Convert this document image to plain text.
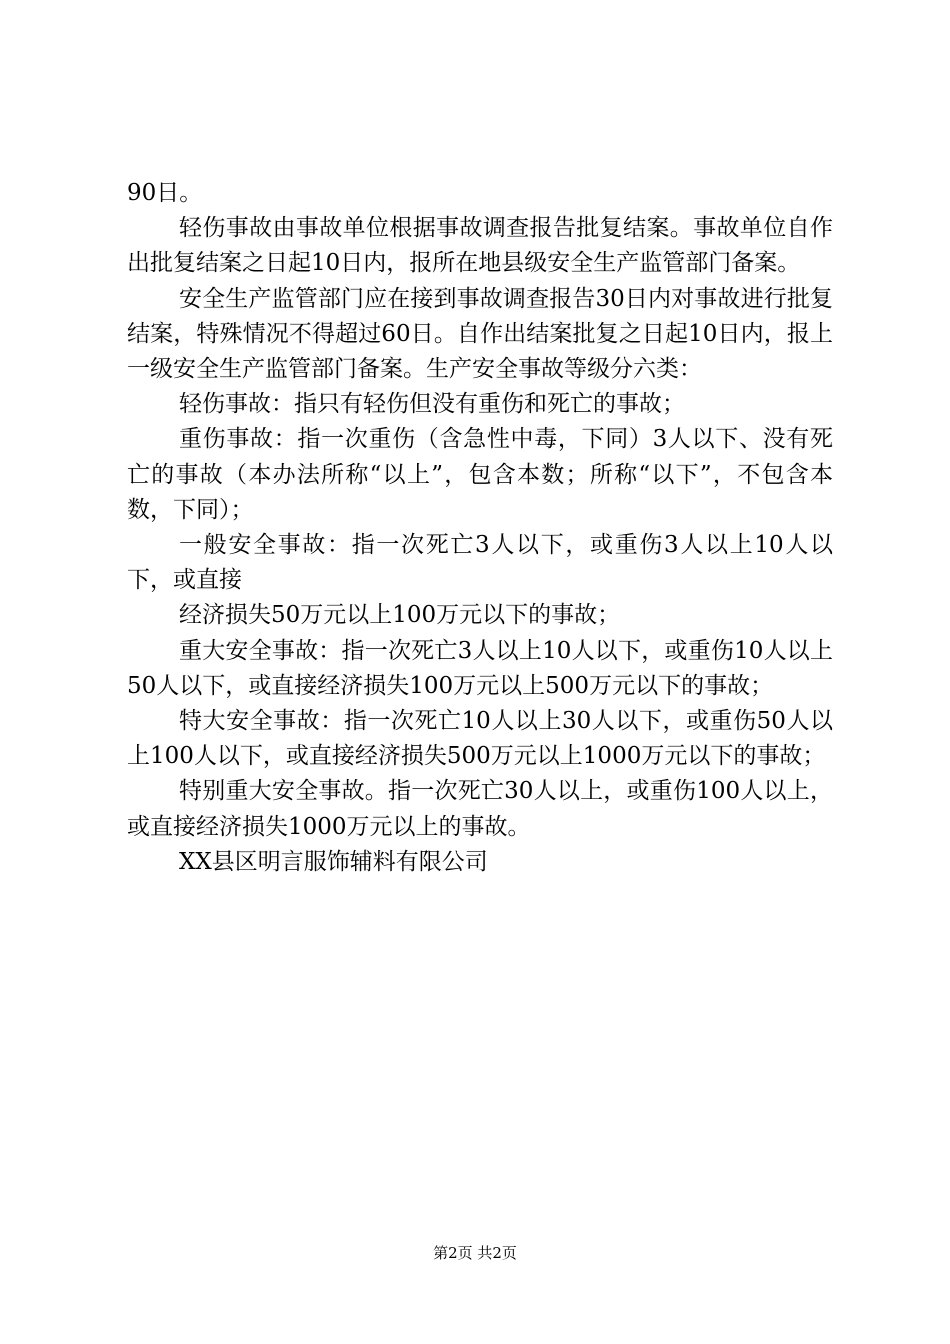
90日。

轻伤事故由事故单位根据事故调查报告批复结案。事故单位自作出批复结案之日起10日内，报所在地县级安全生产监管部门备案。

安全生产监管部门应在接到事故调查报告30日内对事故进行批复结案，特殊情况不得超过60日。自作出结案批复之日起10日内，报上一级安全生产监管部门备案。生产安全事故等级分六类：

轻伤事故：指只有轻伤但没有重伤和死亡的事故；

重伤事故：指一次重伤（含急性中毒，下同）3人以下、没有死亡的事故（本办法所称“以上”，包含本数；所称“以下”，不包含本数，下同）；

一般安全事故：指一次死亡3人以下，或重伤3人以上10人以下，或直接

经济损失50万元以上100万元以下的事故；

重大安全事故：指一次死亡3人以上10人以下，或重伤10人以上50人以下，或直接经济损失100万元以上500万元以下的事故；

特大安全事故：指一次死亡10人以上30人以下，或重伤50人以上100人以下，或直接经济损失500万元以上1000万元以下的事故；

特别重大安全事故。指一次死亡30人以上，或重伤100人以上，或直接经济损失1000万元以上的事故。

XX县区明言服饰辅料有限公司

第2页 共2页
